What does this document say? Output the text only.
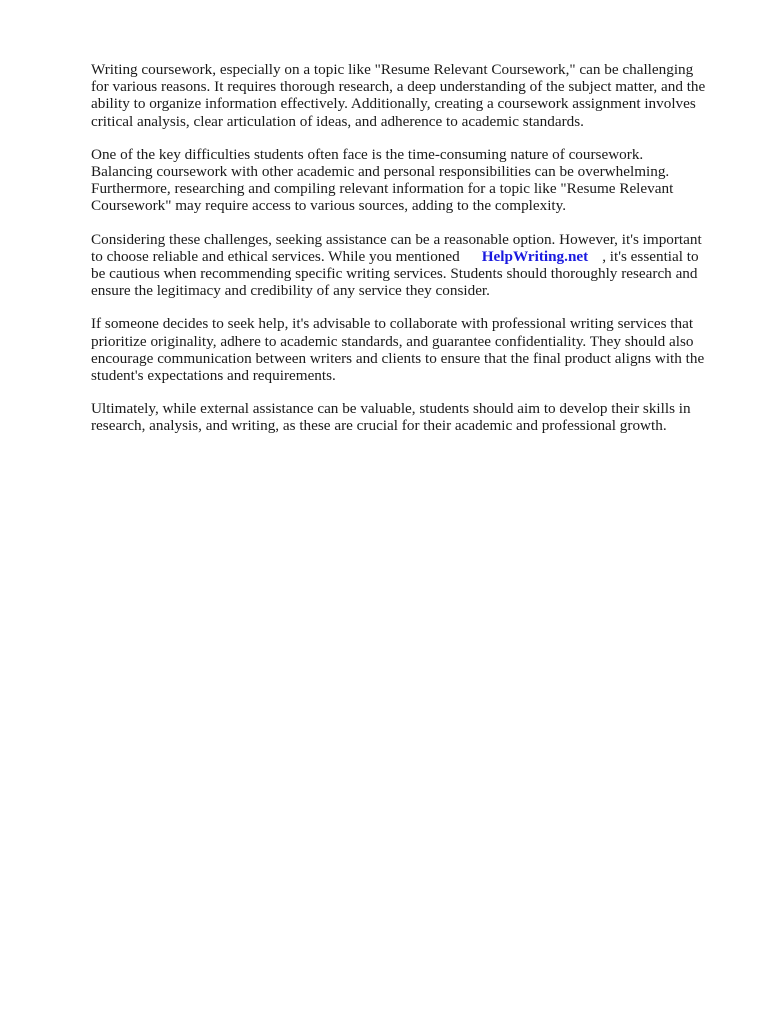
Writing coursework, especially on a topic like "Resume Relevant Coursework," can be challenging
for various reasons. It requires thorough research, a deep understanding of the subject matter, and the
ability to organize information effectively. Additionally, creating a coursework assignment involves
critical analysis, clear articulation of ideas, and adherence to academic standards.

One of the key difficulties students often face is the time-consuming nature of coursework.
Balancing coursework with other academic and personal responsibilities can be overwhelming.
Furthermore, researching and compiling relevant information for a topic like "Resume Relevant
Coursework" may require access to various sources, adding to the complexity.

Considering these challenges, seeking assistance can be a reasonable option. However, it's important
to choose reliable and ethical services. While you mentioned HelpWriting.net , it's essential to
be cautious when recommending specific writing services. Students should thoroughly research and
ensure the legitimacy and credibility of any service they consider.

If someone decides to seek help, it's advisable to collaborate with professional writing services that
prioritize originality, adhere to academic standards, and guarantee confidentiality. They should also
encourage communication between writers and clients to ensure that the final product aligns with the
student's expectations and requirements.

Ultimately, while external assistance can be valuable, students should aim to develop their skills in
research, analysis, and writing, as these are crucial for their academic and professional growth.
